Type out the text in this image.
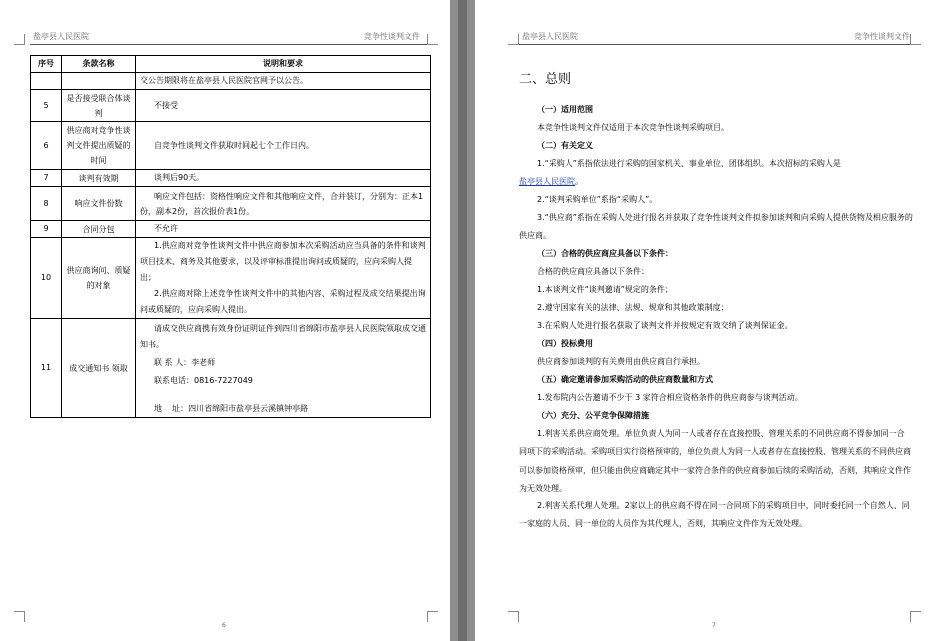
盐亭县人民医院	竞争性谈判文件
序号	条款名称	说明和要求
		交公告期限将在盐亭县人民医院官网予以公告。
5	是否接受联合体谈判	不接受
6	供应商对竞争性谈判文件提出质疑的时间	自竞争性谈判文件获取时间起七个工作日内。
7	谈判有效期	谈判后90天。
8	响应文件份数	响应文件包括：资格性响应文件和其他响应文件，合并装订，分别为：正本1份，副本2份，首次报价表1份。
9	合同分包	不允许
10	供应商询问、质疑的对象	1.供应商对竞争性谈判文件中供应商参加本次采购活动应当具备的条件和谈判项目技术、商务及其他要求，以及评审标准提出询问或质疑的，应向采购人提出；
2.供应商对除上述竞争性谈判文件中的其他内容、采购过程及成交结果提出询问或质疑的，应向采购人提出。

11	成交通知书 领取	请成交供应商携有效身份证明证件到四川省绵阳市盐亭县人民医院领取成交通知书。
联 系 人：李老师
联系电话：0816-7227049
地    址：四川省绵阳市盐亭县云溪镇钟亭路
6
盐亭县人民医院	竞争性谈判文件
7
二、总则
（一）适用范围
本竞争性谈判文件仅适用于本次竞争性谈判采购项目。
（二）有关定义
1.“采购人”系指依法进行采购的国家机关、事业单位、团体组织。本次招标的采购人是
盐亭县人民医院。
2.“谈判采购单位”系指“采购人”。
3.“供应商”系指在采购人处进行报名并获取了竞争性谈判文件拟参加谈判和向采购人提供货物及相应服务的供应商。
（三）合格的供应商应具备以下条件：
合格的供应商应具备以下条件：
1.本谈判文件“谈判邀请”规定的条件；
2.遵守国家有关的法律、法规、规章和其他政策制度；
3.在采购人处进行报名获取了谈判文件并按规定有效交纳了谈判保证金。
（四）投标费用
供应商参加谈判的有关费用由供应商自行承担。
（五）确定邀请参加采购活动的供应商数量和方式
1.发布院内公告邀请不少于 3 家符合相应资格条件的供应商参与谈判活动。
（六）充分、公平竞争保障措施
1.利害关系供应商处理。单位负责人为同一人或者存在直接控股、管理关系的不同供应商不得参加同一合同项下的采购活动。采购项目实行资格预审的，单位负责人为同一人或者存在直接控股、管理关系的不同供应商可以参加资格预审，但只能由供应商确定其中一家符合条件的供应商参加后续的采购活动，否则，其响应文件作为无效处理。
2.利害关系代理人处理。2家以上的供应商不得在同一合同项下的采购项目中，同时委托同一个自然人、同一家庭的人员、同一单位的人员作为其代理人，否则，其响应文件作为无效处理。
